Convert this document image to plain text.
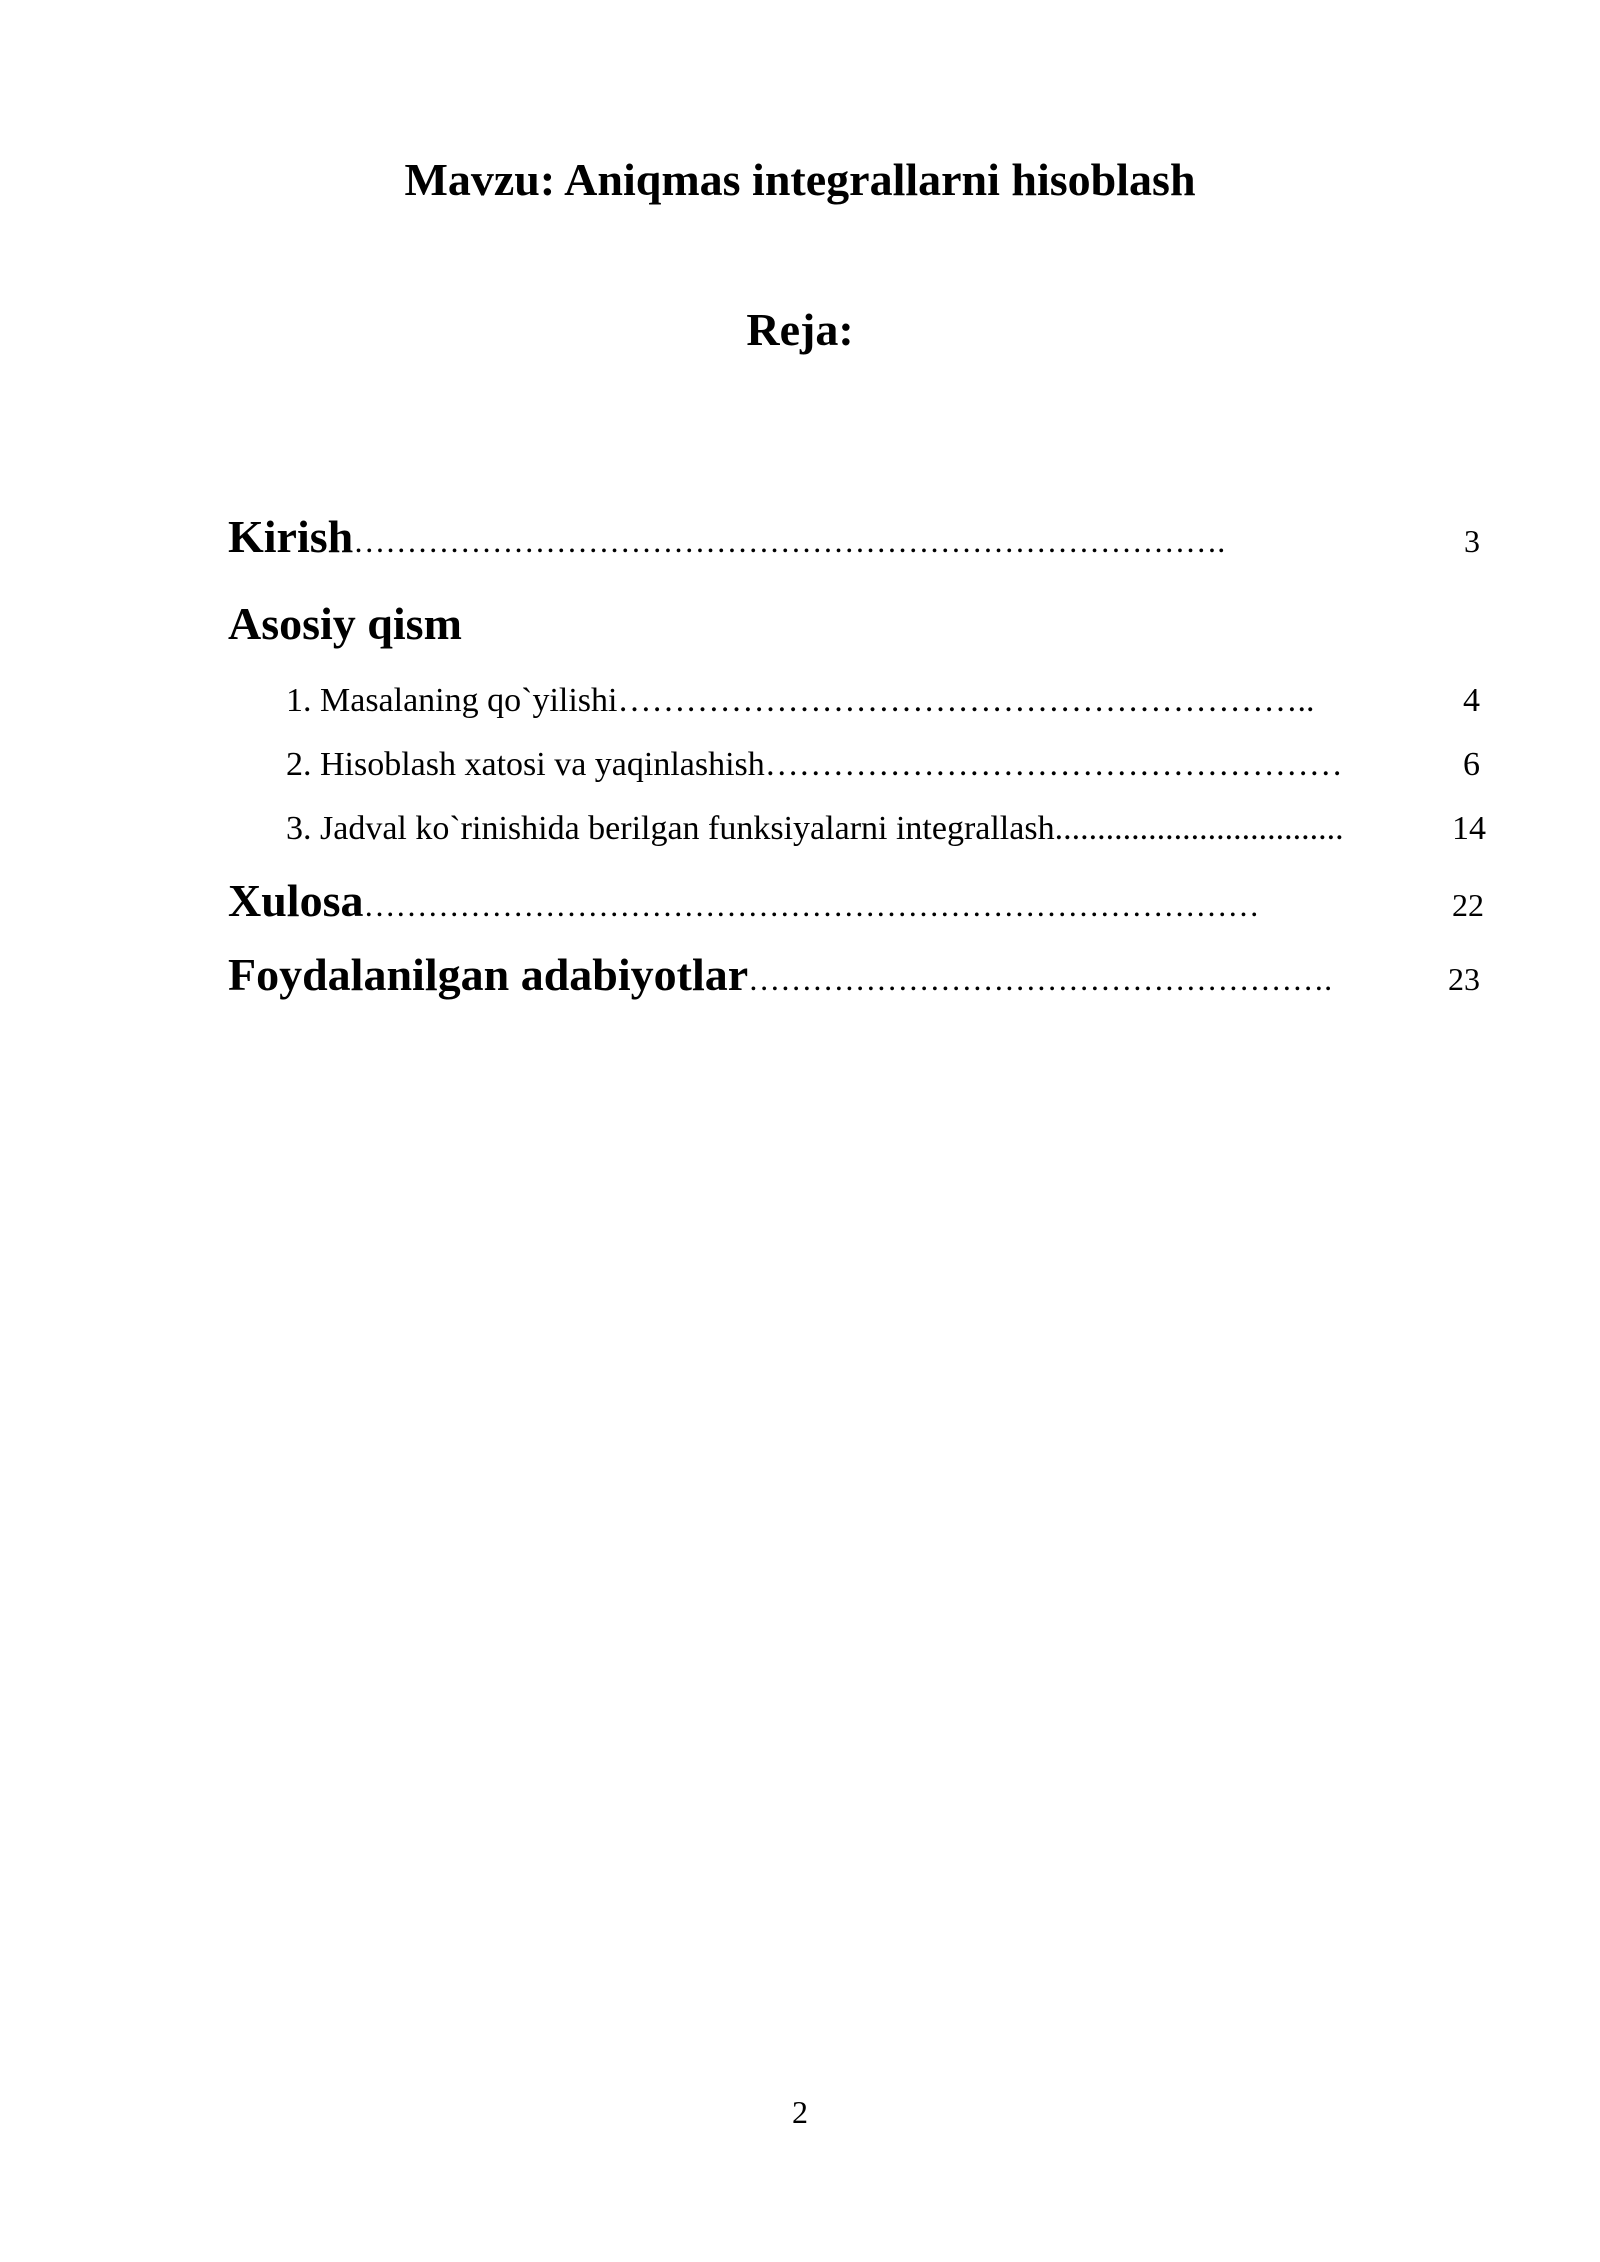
Mavzu: Aniqmas integrallarni hisoblash
Reja:
Kirish ……………………………………………………………………….	3
Asosiy qism
1. Masalaning qo`yilishi ……………………………………………………..	4
2. Hisoblash xatosi va yaqinlashish ……………………………………………	6
3. Jadval ko`rinishida berilgan funksiyalarni integrallash ..................................	14
Xulosa …………………………………………………………………………	22
Foydalanilgan adabiyotlar ……………………………………………….	23
2
